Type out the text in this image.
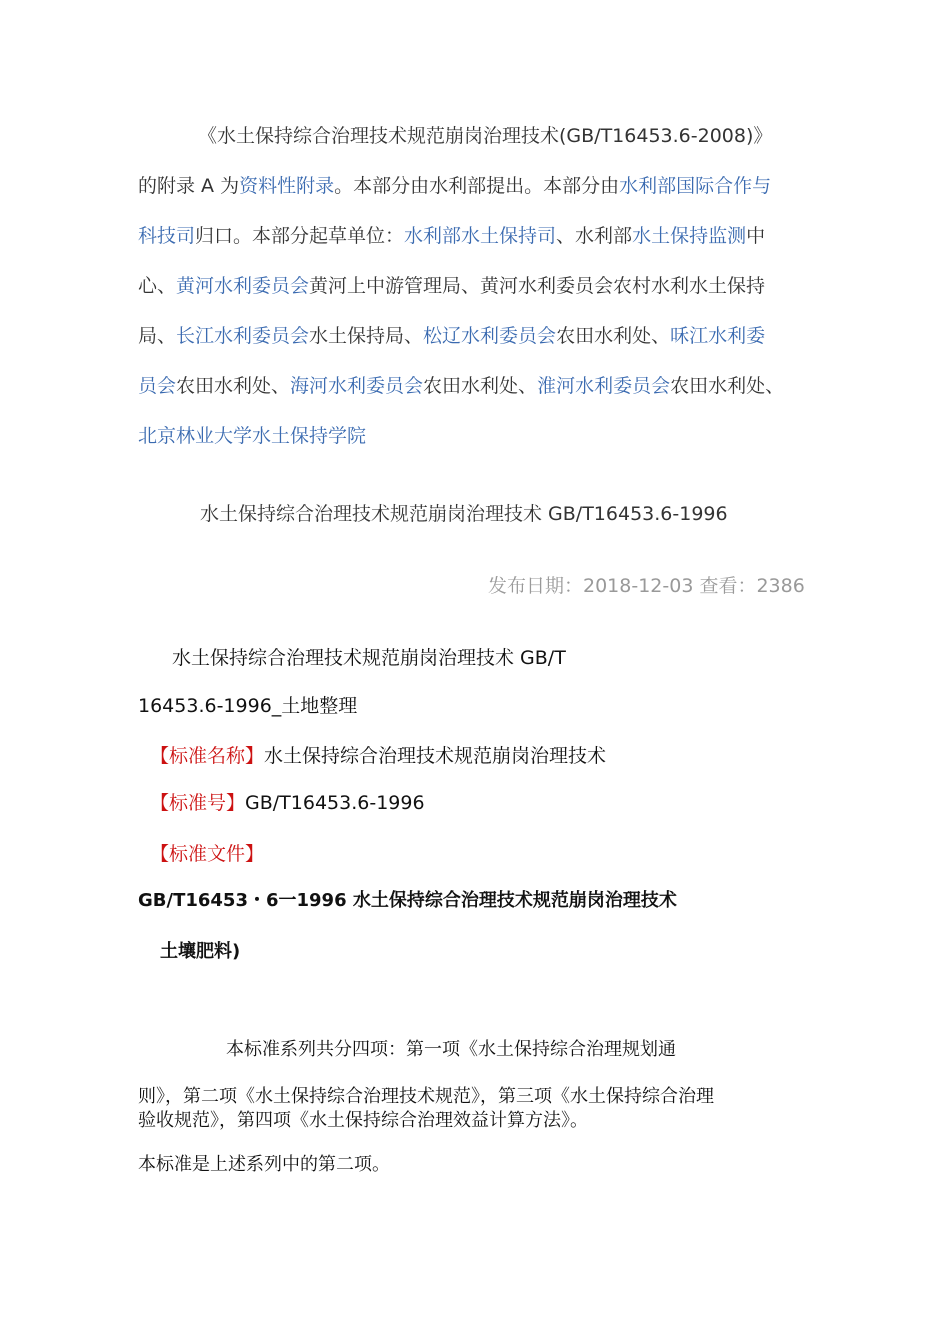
《水土保持综合治理技术规范崩岗治理技术(GB/T16453.6-2008)》
的附录 A 为资料性附录。本部分由水利部提出。本部分由水利部国际合作与
科技司归口。本部分起草单位：水利部水土保持司、水利部水土保持监测中
心、黄河水利委员会黄河上中游管理局、黄河水利委员会农村水利水土保持
局、长江水利委员会水土保持局、松辽水利委员会农田水利处、咊江水利委
员会农田水利处、海河水利委员会农田水利处、淮河水利委员会农田水利处、
北京林业大学水土保持学院
水土保持综合治理技术规范崩岗治理技术 GB/T16453.6-1996
发布日期：2018-12-03 查看：2386
水土保持综合治理技术规范崩岗治理技术 GB/T
16453.6-1996_土地整理
【标准名称】水土保持综合治理技术规范崩岗治理技术
【标准号】GB/T16453.6-1996
【标准文件】
GB/T16453・6一1996 水土保持综合治理技术规范崩岗治理技术
土壤肥料)
本标准系列共分四项：第一项《水土保持综合治理规划通
则》，第二项《水土保持综合治理技术规范》，第三项《水土保持综合治理
验收规范》，第四项《水土保持综合治理效益计算方法》。
本标准是上述系列中的第二项。
